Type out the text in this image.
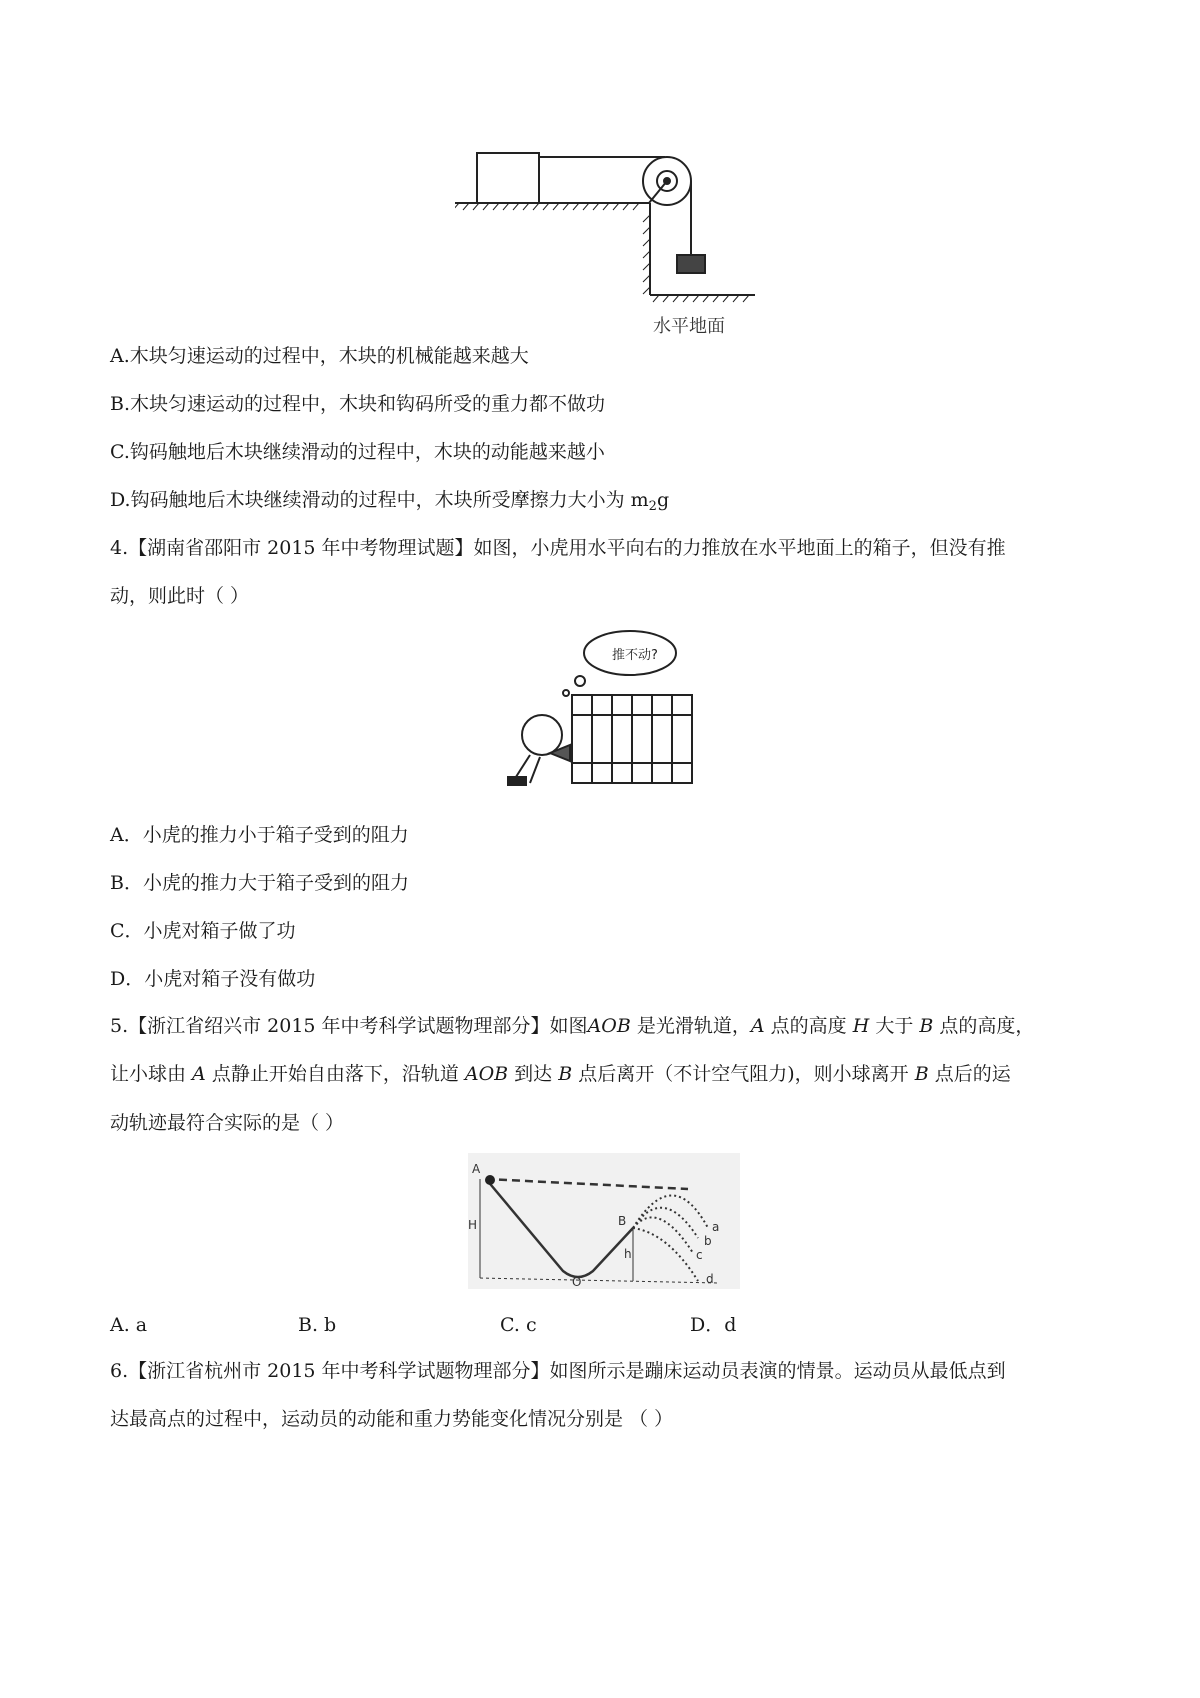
水平地面
A.木块匀速运动的过程中，木块的机械能越来越大
B.木块匀速运动的过程中，木块和钩码所受的重力都不做功
C.钩码触地后木块继续滑动的过程中，木块的动能越来越小
D.钩码触地后木块继续滑动的过程中，木块所受摩擦力大小为 $m_2g$
4.【湖南省邵阳市 2015 年中考物理试题】如图，小虎用水平向右的力推放在水平地面上的箱子，但没有推
动，则此时（ ）
推不动?
A．小虎的推力小于箱子受到的阻力
B．小虎的推力大于箱子受到的阻力
C．小虎对箱子做了功
D．小虎对箱子没有做功
5.【浙江省绍兴市 2015 年中考科学试题物理部分】如图AOB 是光滑轨道，A 点的高度 H 大于 B 点的高度，
让小球由 A 点静止开始自由落下，沿轨道 AOB 到达 B 点后离开（不计空气阻力)，则小球离开 B 点后的运
动轨迹最符合实际的是（ ）
A
H	B
h
O
a
b
c
d
A. a	B. b	C. c	D．d
6.【浙江省杭州市 2015 年中考科学试题物理部分】如图所示是蹦床运动员表演的情景。运动员从最低点到
达最高点的过程中，运动员的动能和重力势能变化情况分别是 （ ）
